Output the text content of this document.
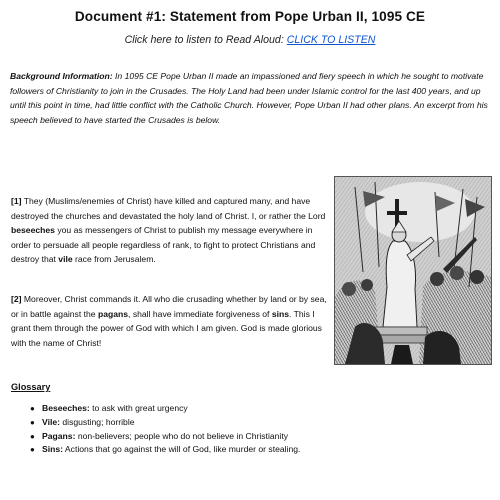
Document #1: Statement from Pope Urban II, 1095 CE
Click here to listen to Read Aloud: CLICK TO LISTEN
Background Information: In 1095 CE Pope Urban II made an impassioned and fiery speech in which he sought to motivate followers of Christianity to join in the Crusades. The Holy Land had been under Islamic control for the last 400 years, and up until this point in time, had little conflict with the Catholic Church. However, Pope Urban II had other plans. An excerpt from his speech believed to have started the Crusades is below.
[1] They (Muslims/enemies of Christ) have killed and captured many, and have destroyed the churches and devastated the holy land of Christ. I, or rather the Lord beseeches you as messengers of Christ to publish my message everywhere in order to persuade all people regardless of rank, to fight to protect Christians and destroy that vile race from Jerusalem.
[2] Moreover, Christ commands it. All who die crusading whether by land or by sea, or in battle against the pagans, shall have immediate forgiveness of sins. This I grant them through the power of God with which I am given. God is made glorious with the name of Christ!
Glossary
● Beseeches: to ask with great urgency
● Vile: disgusting; horrible
● Pagans: non-believers; people who do not believe in Christianity
● Sins: Actions that go against the will of God, like murder or stealing.
